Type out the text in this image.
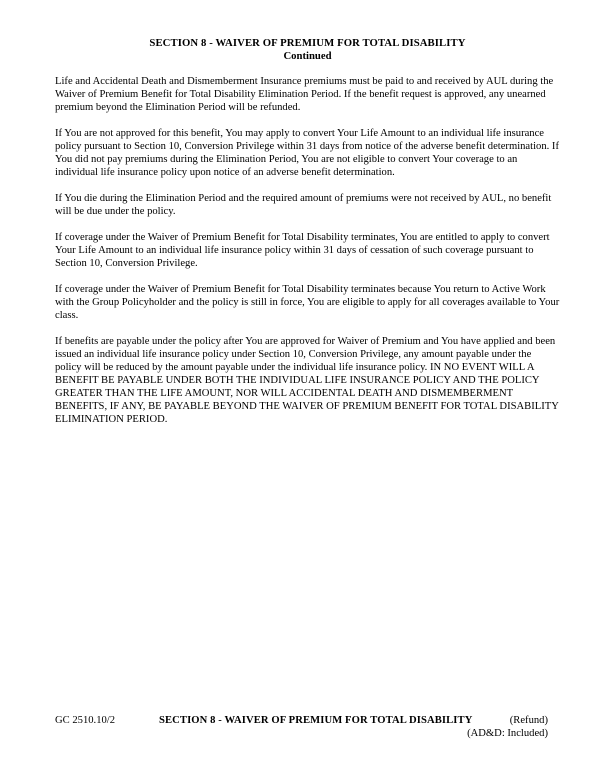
SECTION 8 - WAIVER OF PREMIUM FOR TOTAL DISABILITY
Continued

Life and Accidental Death and Dismemberment Insurance premiums must be paid to and received by AUL during the Waiver of Premium Benefit for Total Disability Elimination Period. If the benefit request is approved, any unearned premium beyond the Elimination Period will be refunded.

If You are not approved for this benefit, You may apply to convert Your Life Amount to an individual life insurance policy pursuant to Section 10, Conversion Privilege within 31 days from notice of the adverse benefit determination. If You did not pay premiums during the Elimination Period, You are not eligible to convert Your coverage to an individual life insurance policy upon notice of an adverse benefit determination.

If You die during the Elimination Period and the required amount of premiums were not received by AUL, no benefit will be due under the policy.

If coverage under the Waiver of Premium Benefit for Total Disability terminates, You are entitled to apply to convert Your Life Amount to an individual life insurance policy within 31 days of cessation of such coverage pursuant to Section 10, Conversion Privilege.

If coverage under the Waiver of Premium Benefit for Total Disability terminates because You return to Active Work with the Group Policyholder and the policy is still in force, You are eligible to apply for all coverages available to Your class.

If benefits are payable under the policy after You are approved for Waiver of Premium and You have applied and been issued an individual life insurance policy under Section 10, Conversion Privilege, any amount payable under the policy will be reduced by the amount payable under the individual life insurance policy. IN NO EVENT WILL A BENEFIT BE PAYABLE UNDER BOTH THE INDIVIDUAL LIFE INSURANCE POLICY AND THE POLICY GREATER THAN THE LIFE AMOUNT, NOR WILL ACCIDENTAL DEATH AND DISMEMBERMENT BENEFITS, IF ANY, BE PAYABLE BEYOND THE WAIVER OF PREMIUM BENEFIT FOR TOTAL DISABILITY ELIMINATION PERIOD.

GC 2510.10/2	SECTION 8 - WAIVER OF PREMIUM FOR TOTAL DISABILITY	(Refund)
(AD&D: Included)
